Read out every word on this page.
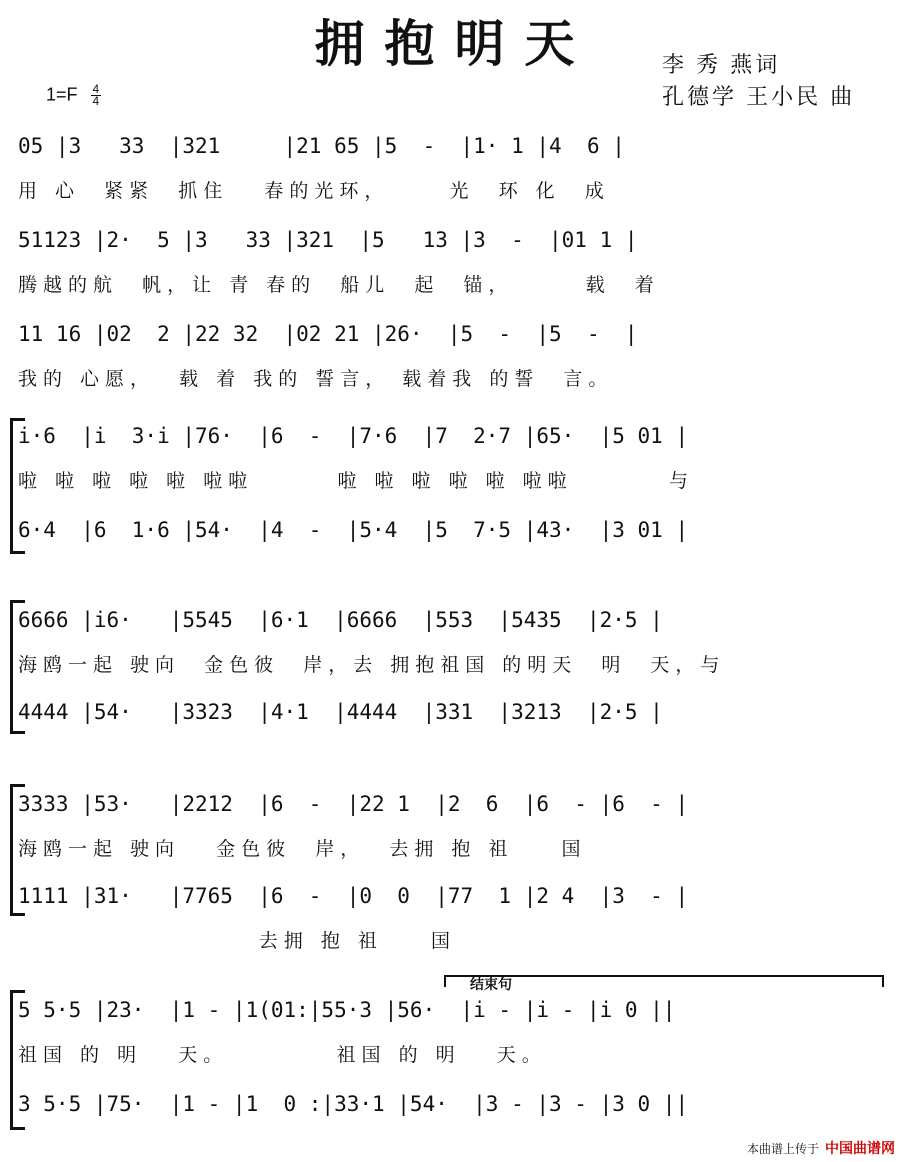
拥抱明天	李 秀 燕词
孔德学 王小民 曲
$1=F \frac{4}{4}$
05 |3   33  |321     |21 65 |5  -  |1· 1 |4  6 |
用 心  紧紧  抓住   春的光环，     光  环 化  成
51123 |2·  5 |3   33 |321  |5   13 |3  -  |01 1 |
腾越的航  帆，让 青 春的  船儿  起  锚，      载  着
11 16 |02  2 |22 32  |02 21 |26·  |5  -  |5  -  |
我的 心愿，  载 着 我的 誓言， 载着我 的誓  言。
i·6  |i  3·i |76·  |6  -  |7·6  |7  2·7 |65·  |5 01 |
啦 啦 啦 啦 啦 啦啦       啦 啦 啦 啦 啦 啦啦        与
6·4  |6  1·6 |54·  |4  -  |5·4  |5  7·5 |43·  |3 01 |
6666 |i6·   |5545  |6·1  |6666  |553  |5435  |2·5 |
海鸥一起 驶向  金色彼  岸，去 拥抱祖国 的明天  明  天，与
4444 |54·   |3323  |4·1  |4444  |331  |3213  |2·5 |
3333 |53·   |2212  |6  -  |22 1  |2  6  |6  - |6  - |
海鸥一起 驶向   金色彼  岸，  去拥 抱 祖    国
1111 |31·   |7765  |6  -  |0  0  |77  1 |2 4  |3  - |
去拥 抱 祖    国
结束句
5 5·5 |23·  |1 - |1(01:|55·3 |56·  |i - |i - |i 0 ||
祖国 的 明   天。         祖国 的 明   天。
3 5·5 |75·  |1 - |1  0 :|33·1 |54·  |3 - |3 - |3 0 ||
本曲谱上传于 中国曲谱网
